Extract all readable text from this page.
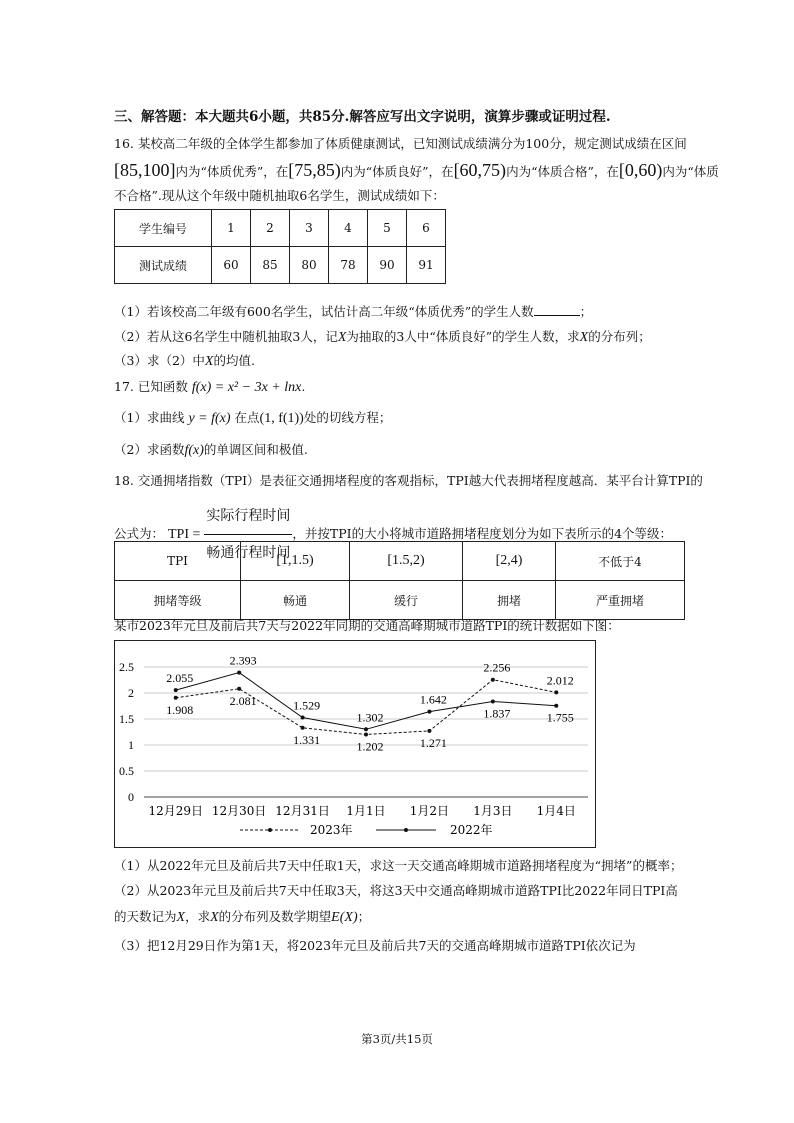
三、解答题：本大题共6小题，共85分.解答应写出文字说明，演算步骤或证明过程.
16. 某校高二年级的全体学生都参加了体质健康测试，已知测试成绩满分为100分，规定测试成绩在区间
[85,100]内为“体质优秀”，在[75,85)内为“体质良好”，在[60,75)内为“体质合格”，在[0,60)内为“体质
不合格”.现从这个年级中随机抽取6名学生，测试成绩如下：
学生编号	1	2	3	4	5	6
测试成绩	60	85	80	78	90	91
（1）若该校高二年级有600名学生，试估计高二年级“体质优秀”的学生人数	；
（2）若从这6名学生中随机抽取3人，记X为抽取的3人中“体质良好”的学生人数，求X的分布列；
（3）求（2）中X的均值.
17. 已知函数 f(x) = x² − 3x + lnx.
（1）求曲线 y = f(x) 在点(1, f(1))处的切线方程；
（2）求函数f(x)的单调区间和极值.
18. 交通拥堵指数（TPI）是表征交通拥堵程度的客观指标，TPI越大代表拥堵程度越高．某平台计算TPI的
公式为： TPI = $\frac{\text{实际行程时间}}{\text{畅通行程时间}}$ ，并按TPI的大小将城市道路拥堵程度划分为如下表所示的4个等级：
TPI	[1,1.5)	[1.5,2)	[2,4)	不低于4
拥堵等级	畅通	缓行	拥堵	严重拥堵
某市2023年元旦及前后共7天与2022年同期的交通高峰期城市道路TPI的统计数据如下图：
2.5
2
1.5
1
0.5
0
12月29日 12月30日 12月31日 1月1日 1月2日 1月3日 1月4日
1.908
2.081
1.331	1.202	1.271
2.256
2.012
2.055
2.393
1.529
1.302
1.642
1.837	1.755
2023年	2022年
（1）从2022年元旦及前后共7天中任取1天，求这一天交通高峰期城市道路拥堵程度为“拥堵”的概率；
（2）从2023年元旦及前后共7天中任取3天，将这3天中交通高峰期城市道路TPI比2022年同日TPI高
的天数记为X，求X的分布列及数学期望E(X)；
（3）把12月29日作为第1天，将2023年元旦及前后共7天的交通高峰期城市道路TPI依次记为
第3页/共15页
